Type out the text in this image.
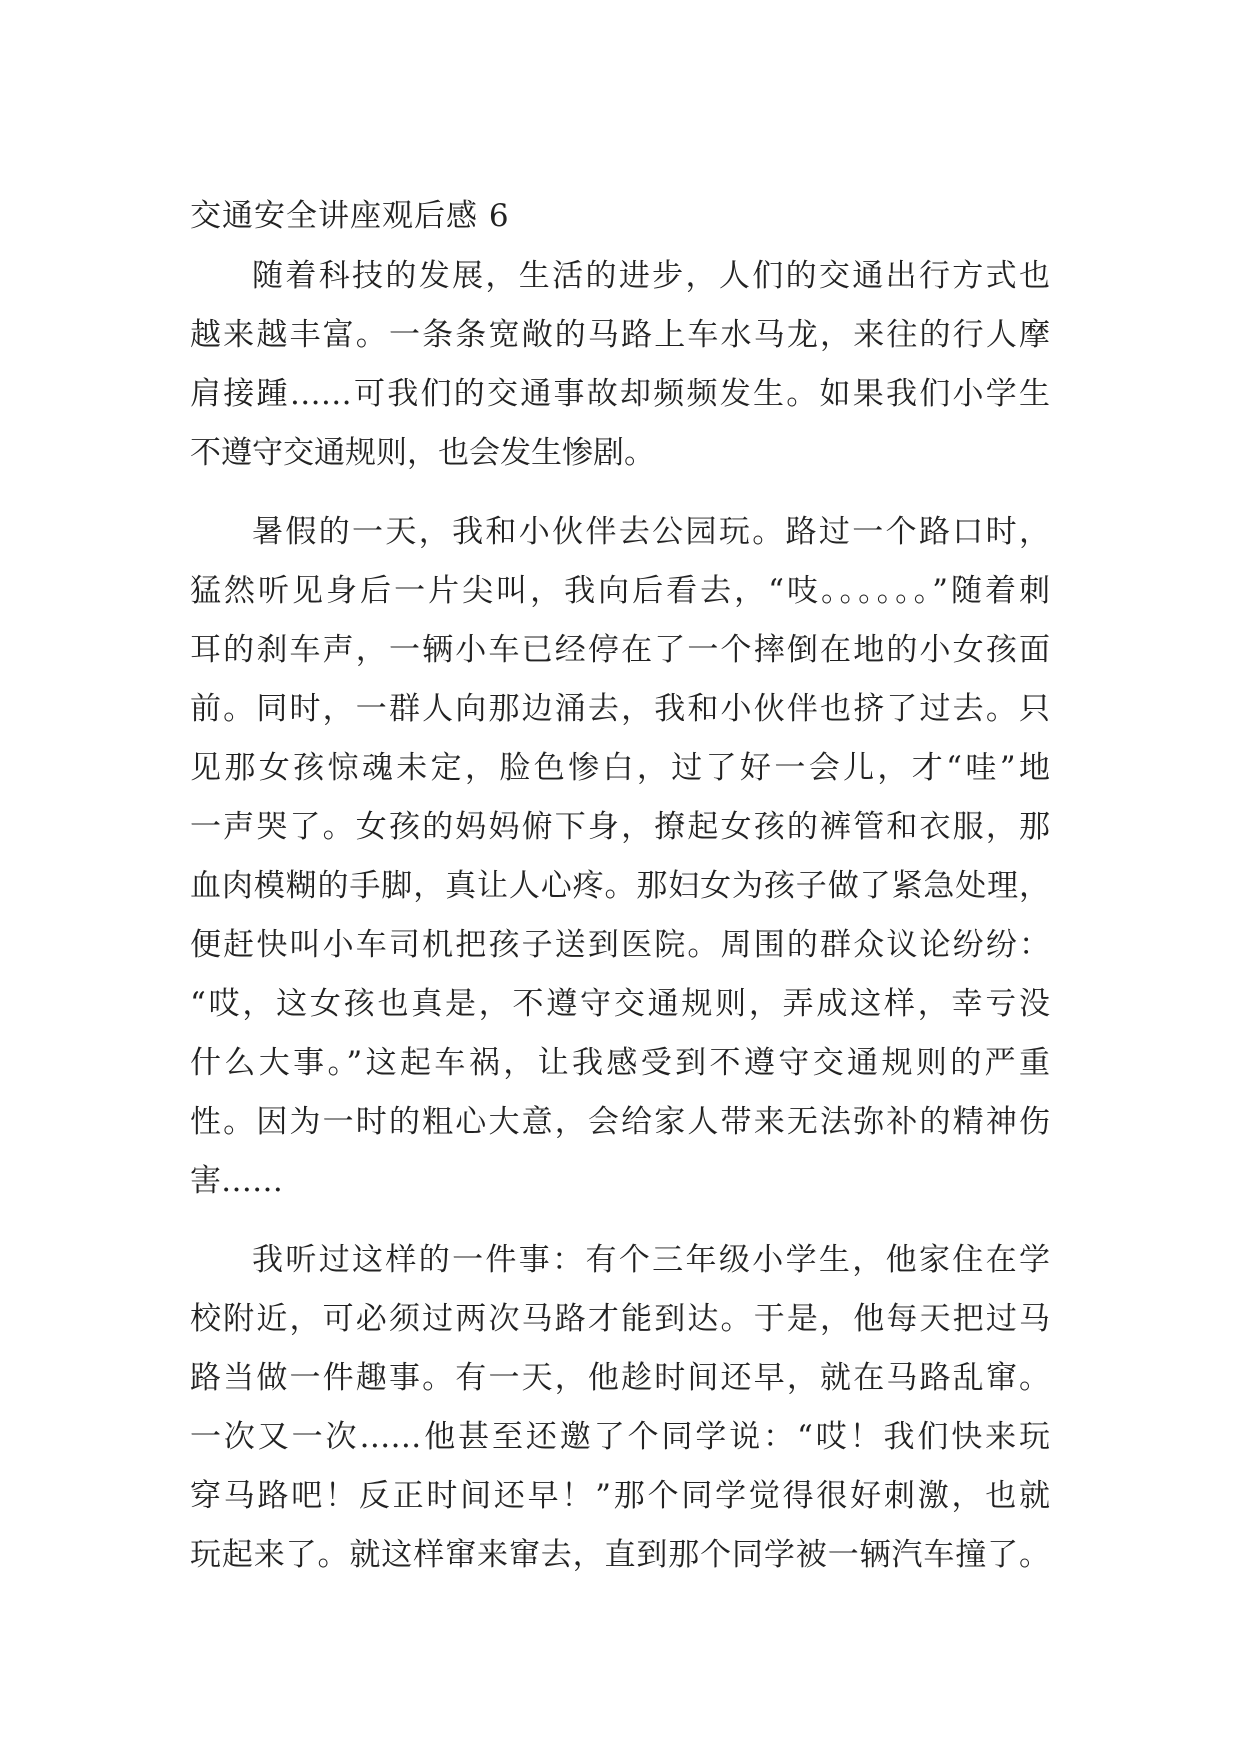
交通安全讲座观后感 6

随着科技的发展，生活的进步，人们的交通出行方式也

越来越丰富。一条条宽敞的马路上车水马龙，来往的行人摩

肩接踵……可我们的交通事故却频频发生。如果我们小学生

不遵守交通规则，也会发生惨剧。

暑假的一天，我和小伙伴去公园玩。路过一个路口时，

猛然听见身后一片尖叫，我向后看去，“吱。。。。。。”随着刺

耳的刹车声，一辆小车已经停在了一个摔倒在地的小女孩面

前。同时，一群人向那边涌去，我和小伙伴也挤了过去。只

见那女孩惊魂未定，脸色惨白，过了好一会儿，才“哇”地

一声哭了。女孩的妈妈俯下身，撩起女孩的裤管和衣服，那

血肉模糊的手脚，真让人心疼。那妇女为孩子做了紧急处理，

便赶快叫小车司机把孩子送到医院。周围的群众议论纷纷：

“哎，这女孩也真是，不遵守交通规则，弄成这样，幸亏没

什么大事。”这起车祸，让我感受到不遵守交通规则的严重

性。因为一时的粗心大意，会给家人带来无法弥补的精神伤

害……

我听过这样的一件事：有个三年级小学生，他家住在学

校附近，可必须过两次马路才能到达。于是，他每天把过马

路当做一件趣事。有一天，他趁时间还早，就在马路乱窜。

一次又一次……他甚至还邀了个同学说：“哎！我们快来玩

穿马路吧！反正时间还早！”那个同学觉得很好刺激，也就

玩起来了。就这样窜来窜去，直到那个同学被一辆汽车撞了。
